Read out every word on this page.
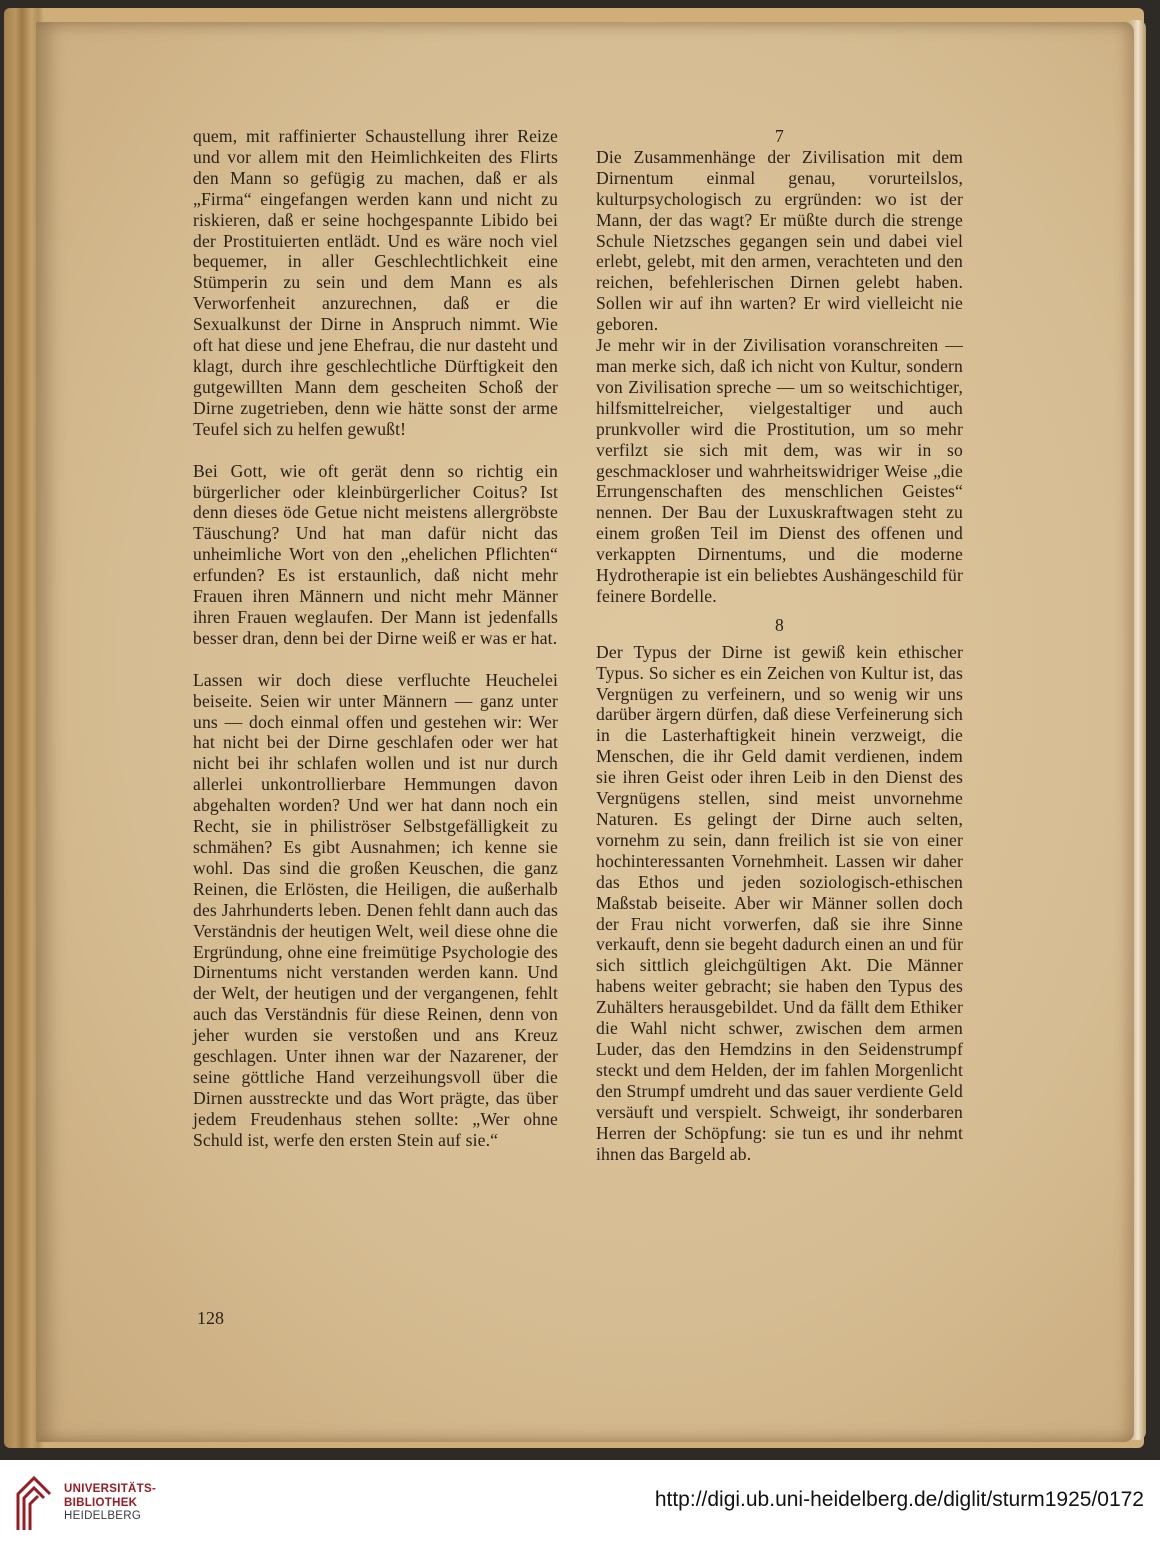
quem, mit raffinierter Schaustellung ihrer Reize und vor allem mit den Heimlichkeiten des Flirts den Mann so gefügig zu machen, daß er als „Firma“ eingefangen werden kann und nicht zu riskieren, daß er seine hochgespannte Libido bei der Prostituierten entlädt. Und es wäre noch viel bequemer, in aller Geschlechtlichkeit eine Stümperin zu sein und dem Mann es als Verworfenheit anzurechnen, daß er die Sexualkunst der Dirne in Anspruch nimmt. Wie oft hat diese und jene Ehefrau, die nur dasteht und klagt, durch ihre geschlechtliche Dürftigkeit den gutgewillten Mann dem gescheiten Schoß der Dirne zugetrieben, denn wie hätte sonst der arme Teufel sich zu helfen gewußt!

Bei Gott, wie oft gerät denn so richtig ein bürgerlicher oder kleinbürgerlicher Coitus? Ist denn dieses öde Getue nicht meistens allergröbste Täuschung? Und hat man dafür nicht das unheimliche Wort von den „ehelichen Pflichten“ erfunden? Es ist erstaunlich, daß nicht mehr Frauen ihren Männern und nicht mehr Männer ihren Frauen weglaufen. Der Mann ist jedenfalls besser dran, denn bei der Dirne weiß er was er hat.

Lassen wir doch diese verfluchte Heuchelei beiseite. Seien wir unter Männern — ganz unter uns — doch einmal offen und gestehen wir: Wer hat nicht bei der Dirne geschlafen oder wer hat nicht bei ihr schlafen wollen und ist nur durch allerlei unkontrollierbare Hemmungen davon abgehalten worden? Und wer hat dann noch ein Recht, sie in philiströser Selbstgefälligkeit zu schmähen? Es gibt Ausnahmen; ich kenne sie wohl. Das sind die großen Keuschen, die ganz Reinen, die Erlösten, die Heiligen, die außerhalb des Jahrhunderts leben. Denen fehlt dann auch das Verständnis der heutigen Welt, weil diese ohne die Ergründung, ohne eine freimütige Psychologie des Dirnentums nicht verstanden werden kann. Und der Welt, der heutigen und der vergangenen, fehlt auch das Verständnis für diese Reinen, denn von jeher wurden sie verstoßen und ans Kreuz geschlagen. Unter ihnen war der Nazarener, der seine göttliche Hand verzeihungsvoll über die Dirnen ausstreckte und das Wort prägte, das über jedem Freudenhaus stehen sollte: „Wer ohne Schuld ist, werfe den ersten Stein auf sie.“

7

Die Zusammenhänge der Zivilisation mit dem Dirnentum einmal genau, vorurteilslos, kulturpsychologisch zu ergründen: wo ist der Mann, der das wagt? Er müßte durch die strenge Schule Nietzsches gegangen sein und dabei viel erlebt, gelebt, mit den armen, verachteten und den reichen, befehlerischen Dirnen gelebt haben. Sollen wir auf ihn warten? Er wird vielleicht nie geboren.

Je mehr wir in der Zivilisation voranschreiten — man merke sich, daß ich nicht von Kultur, sondern von Zivilisation spreche — um so weitschichtiger, hilfsmittelreicher, vielgestaltiger und auch prunkvoller wird die Prostitution, um so mehr verfilzt sie sich mit dem, was wir in so geschmackloser und wahrheitswidriger Weise „die Errungenschaften des menschlichen Geistes“ nennen. Der Bau der Luxuskraftwagen steht zu einem großen Teil im Dienst des offenen und verkappten Dirnentums, und die moderne Hydrotherapie ist ein beliebtes Aushängeschild für feinere Bordelle.

8

Der Typus der Dirne ist gewiß kein ethischer Typus. So sicher es ein Zeichen von Kultur ist, das Vergnügen zu verfeinern, und so wenig wir uns darüber ärgern dürfen, daß diese Verfeinerung sich in die Lasterhaftigkeit hinein verzweigt, die Menschen, die ihr Geld damit verdienen, indem sie ihren Geist oder ihren Leib in den Dienst des Vergnügens stellen, sind meist unvornehme Naturen. Es gelingt der Dirne auch selten, vornehm zu sein, dann freilich ist sie von einer hochinteressanten Vornehmheit. Lassen wir daher das Ethos und jeden soziologisch-ethischen Maßstab beiseite. Aber wir Männer sollen doch der Frau nicht vorwerfen, daß sie ihre Sinne verkauft, denn sie begeht dadurch einen an und für sich sittlich gleichgültigen Akt. Die Männer habens weiter gebracht; sie haben den Typus des Zuhälters herausgebildet. Und da fällt dem Ethiker die Wahl nicht schwer, zwischen dem armen Luder, das den Hemdzins in den Seidenstrumpf steckt und dem Helden, der im fahlen Morgenlicht den Strumpf umdreht und das sauer verdiente Geld versäuft und verspielt. Schweigt, ihr sonderbaren Herren der Schöpfung: sie tun es und ihr nehmt ihnen das Bargeld ab.

128
UNIVERSITÄTS-
BIBLIOTHEK
HEIDELBERG
http://digi.ub.uni-heidelberg.de/diglit/sturm1925/0172
